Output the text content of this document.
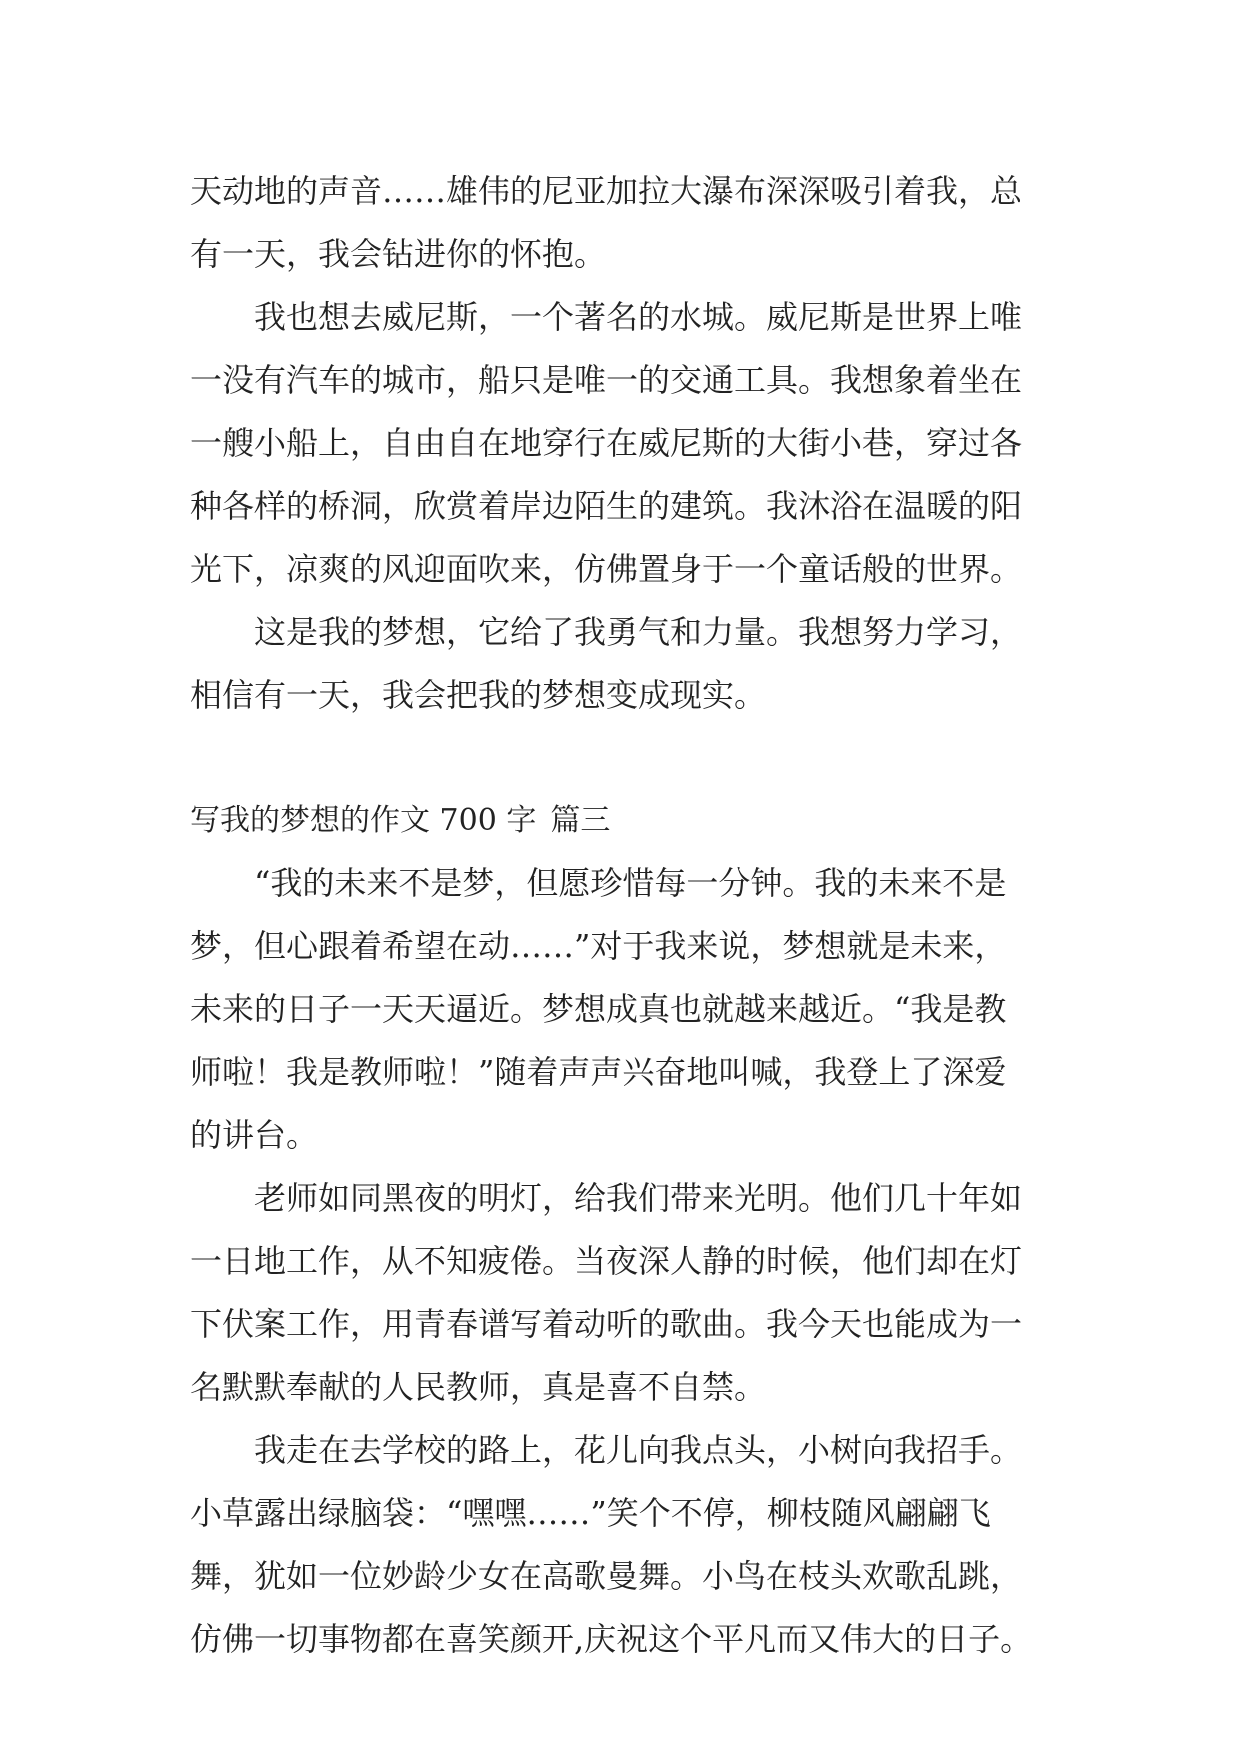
天动地的声音……雄伟的尼亚加拉大瀑布深深吸引着我，总
有一天，我会钻进你的怀抱。
我也想去威尼斯，一个著名的水城。威尼斯是世界上唯
一没有汽车的城市，船只是唯一的交通工具。我想象着坐在
一艘小船上，自由自在地穿行在威尼斯的大街小巷，穿过各
种各样的桥洞，欣赏着岸边陌生的建筑。我沐浴在温暖的阳
光下，凉爽的风迎面吹来，仿佛置身于一个童话般的世界。
这是我的梦想，它给了我勇气和力量。我想努力学习，
相信有一天，我会把我的梦想变成现实。
写我的梦想的作文 700 字 篇三
“我的未来不是梦，但愿珍惜每一分钟。我的未来不是
梦，但心跟着希望在动……”对于我来说，梦想就是未来，
未来的日子一天天逼近。梦想成真也就越来越近。“我是教
师啦！我是教师啦！”随着声声兴奋地叫喊，我登上了深爱
的讲台。
老师如同黑夜的明灯，给我们带来光明。他们几十年如
一日地工作，从不知疲倦。当夜深人静的时候，他们却在灯
下伏案工作，用青春谱写着动听的歌曲。我今天也能成为一
名默默奉献的人民教师，真是喜不自禁。
我走在去学校的路上，花儿向我点头，小树向我招手。
小草露出绿脑袋：“嘿嘿……”笑个不停，柳枝随风翩翩飞
舞，犹如一位妙龄少女在高歌曼舞。小鸟在枝头欢歌乱跳，
仿佛一切事物都在喜笑颜开,庆祝这个平凡而又伟大的日子。
